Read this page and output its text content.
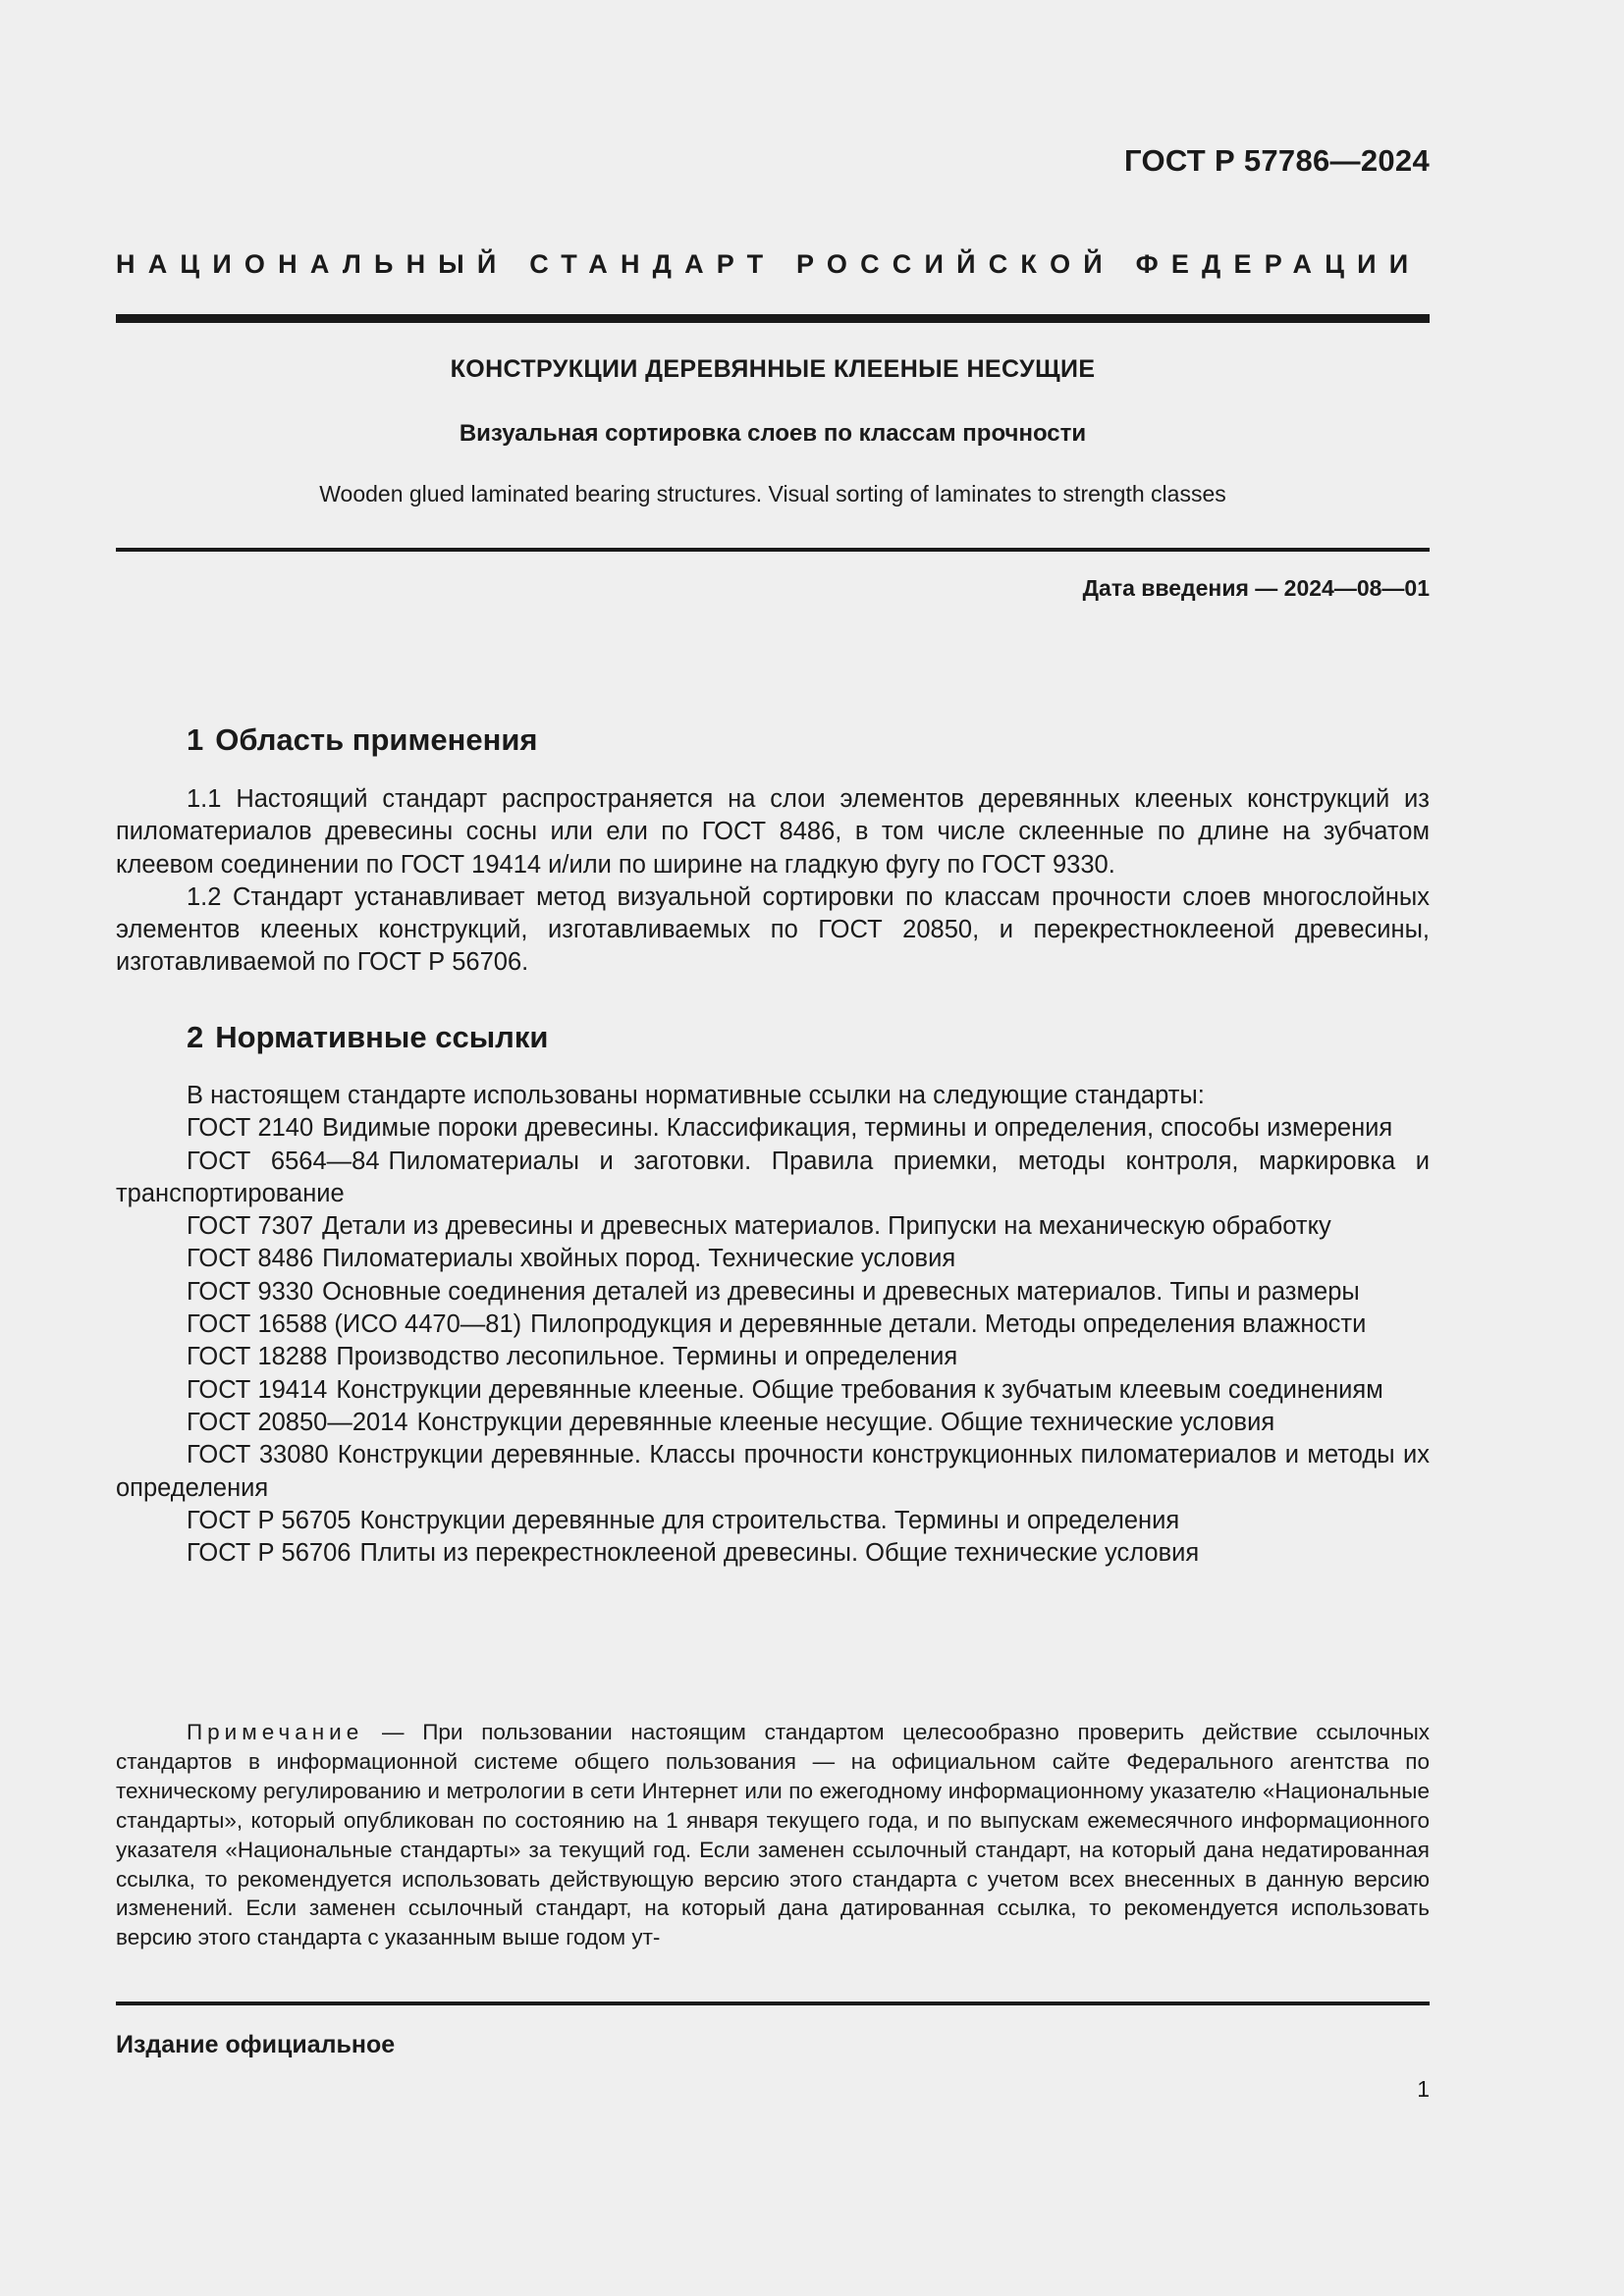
ГОСТ Р 57786—2024
НАЦИОНАЛЬНЫЙ СТАНДАРТ РОССИЙСКОЙ ФЕДЕРАЦИИ
КОНСТРУКЦИИ ДЕРЕВЯННЫЕ КЛЕЕНЫЕ НЕСУЩИЕ
Визуальная сортировка слоев по классам прочности
Wooden glued laminated bearing structures. Visual sorting of laminates to strength classes
Дата введения — 2024—08—01
1 Область применения

1.1 Настоящий стандарт распространяется на слои элементов деревянных клееных конструкций из пиломатериалов древесины сосны или ели по ГОСТ 8486, в том числе склеенные по длине на зубчатом клеевом соединении по ГОСТ 19414 и/или по ширине на гладкую фугу по ГОСТ 9330.

1.2 Стандарт устанавливает метод визуальной сортировки по классам прочности слоев многослойных элементов клееных конструкций, изготавливаемых по ГОСТ 20850, и перекрестноклееной древесины, изготавливаемой по ГОСТ Р 56706.

2 Нормативные ссылки

В настоящем стандарте использованы нормативные ссылки на следующие стандарты:

ГОСТ 2140 Видимые пороки древесины. Классификация, термины и определения, способы измерения

ГОСТ 6564—84 Пиломатериалы и заготовки. Правила приемки, методы контроля, маркировка и транспортирование

ГОСТ 7307 Детали из древесины и древесных материалов. Припуски на механическую обработку

ГОСТ 8486 Пиломатериалы хвойных пород. Технические условия

ГОСТ 9330 Основные соединения деталей из древесины и древесных материалов. Типы и размеры

ГОСТ 16588 (ИСО 4470—81) Пилопродукция и деревянные детали. Методы определения влажности

ГОСТ 18288 Производство лесопильное. Термины и определения

ГОСТ 19414 Конструкции деревянные клееные. Общие требования к зубчатым клеевым соединениям

ГОСТ 20850—2014 Конструкции деревянные клееные несущие. Общие технические условия

ГОСТ 33080 Конструкции деревянные. Классы прочности конструкционных пиломатериалов и методы их определения

ГОСТ Р 56705 Конструкции деревянные для строительства. Термины и определения

ГОСТ Р 56706 Плиты из перекрестноклееной древесины. Общие технические условия

Примечание — При пользовании настоящим стандартом целесообразно проверить действие ссылочных стандартов в информационной системе общего пользования — на официальном сайте Федерального агентства по техническому регулированию и метрологии в сети Интернет или по ежегодному информационному указателю «Национальные стандарты», который опубликован по состоянию на 1 января текущего года, и по выпускам ежемесячного информационного указателя «Национальные стандарты» за текущий год. Если заменен ссылочный стандарт, на который дана недатированная ссылка, то рекомендуется использовать действующую версию этого стандарта с учетом всех внесенных в данную версию изменений. Если заменен ссылочный стандарт, на который дана датированная ссылка, то рекомендуется использовать версию этого стандарта с указанным выше годом ут-

Издание официальное
1
